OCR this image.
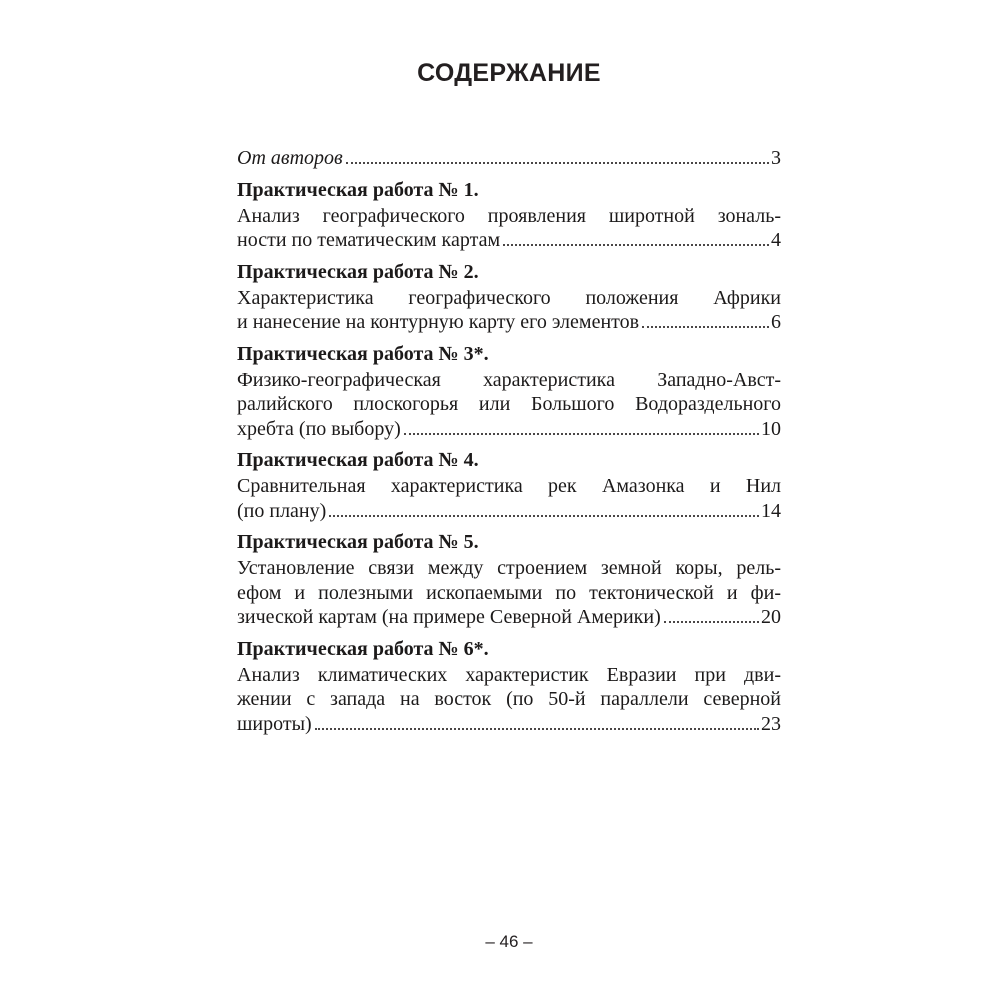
СОДЕРЖАНИЕ
От авторов	3
Практическая работа № 1.
Анализ географического проявления широтной зональ-
ности по тематическим картам	4
Практическая работа № 2.
Характеристика географического положения Африки
и нанесение на контурную карту его элементов	6
Практическая работа № 3*.
Физико-географическая характеристика Западно-Авст-
ралийского плоскогорья или Большого Водораздельного
хребта (по выбору)	10
Практическая работа № 4.
Сравнительная характеристика рек Амазонка и Нил
(по плану)	14
Практическая работа № 5.
Установление связи между строением земной коры, рель-
ефом и полезными ископаемыми по тектонической и фи-
зической картам (на примере Северной Америки)	20
Практическая работа № 6*.
Анализ климатических характеристик Евразии при дви-
жении с запада на восток (по 50-й параллели северной
широты)	23
– 46 –
